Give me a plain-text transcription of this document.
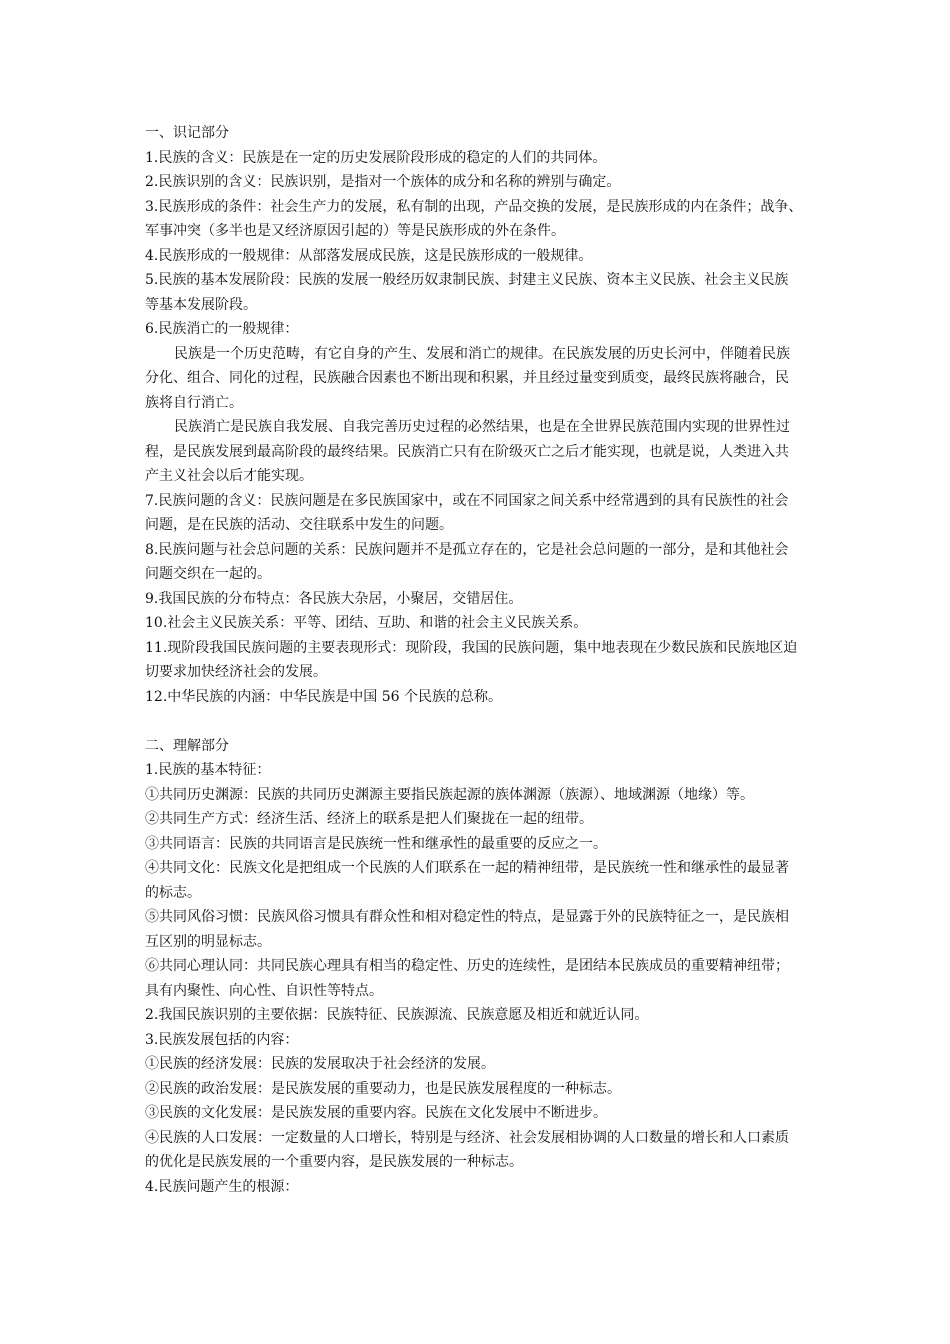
一、识记部分
1.民族的含义：民族是在一定的历史发展阶段形成的稳定的人们的共同体。
2.民族识别的含义：民族识别，是指对一个族体的成分和名称的辨别与确定。
3.民族形成的条件：社会生产力的发展，私有制的出现，产品交换的发展，是民族形成的内在条件；战争、
军事冲突（多半也是又经济原因引起的）等是民族形成的外在条件。
4.民族形成的一般规律：从部落发展成民族，这是民族形成的一般规律。
5.民族的基本发展阶段：民族的发展一般经历奴隶制民族、封建主义民族、资本主义民族、社会主义民族
等基本发展阶段。
6.民族消亡的一般规律：
民族是一个历史范畴，有它自身的产生、发展和消亡的规律。在民族发展的历史长河中，伴随着民族
分化、组合、同化的过程，民族融合因素也不断出现和积累，并且经过量变到质变，最终民族将融合，民
族将自行消亡。
民族消亡是民族自我发展、自我完善历史过程的必然结果，也是在全世界民族范围内实现的世界性过
程，是民族发展到最高阶段的最终结果。民族消亡只有在阶级灭亡之后才能实现，也就是说，人类进入共
产主义社会以后才能实现。
7.民族问题的含义：民族问题是在多民族国家中，或在不同国家之间关系中经常遇到的具有民族性的社会
问题，是在民族的活动、交往联系中发生的问题。
8.民族问题与社会总问题的关系：民族问题并不是孤立存在的，它是社会总问题的一部分，是和其他社会
问题交织在一起的。
9.我国民族的分布特点：各民族大杂居，小聚居，交错居住。
10.社会主义民族关系：平等、团结、互助、和谐的社会主义民族关系。
11.现阶段我国民族问题的主要表现形式：现阶段，我国的民族问题，集中地表现在少数民族和民族地区迫
切要求加快经济社会的发展。
12.中华民族的内涵：中华民族是中国 56 个民族的总称。
二、理解部分
1.民族的基本特征：
①共同历史渊源：民族的共同历史渊源主要指民族起源的族体渊源（族源）、地域渊源（地缘）等。
②共同生产方式：经济生活、经济上的联系是把人们聚拢在一起的纽带。
③共同语言：民族的共同语言是民族统一性和继承性的最重要的反应之一。
④共同文化：民族文化是把组成一个民族的人们联系在一起的精神纽带，是民族统一性和继承性的最显著
的标志。
⑤共同风俗习惯：民族风俗习惯具有群众性和相对稳定性的特点，是显露于外的民族特征之一，是民族相
互区别的明显标志。
⑥共同心理认同：共同民族心理具有相当的稳定性、历史的连续性，是团结本民族成员的重要精神纽带；
具有内聚性、向心性、自识性等特点。
2.我国民族识别的主要依据：民族特征、民族源流、民族意愿及相近和就近认同。
3.民族发展包括的内容：
①民族的经济发展：民族的发展取决于社会经济的发展。
②民族的政治发展：是民族发展的重要动力，也是民族发展程度的一种标志。
③民族的文化发展：是民族发展的重要内容。民族在文化发展中不断进步。
④民族的人口发展：一定数量的人口增长，特别是与经济、社会发展相协调的人口数量的增长和人口素质
的优化是民族发展的一个重要内容，是民族发展的一种标志。
4.民族问题产生的根源：
